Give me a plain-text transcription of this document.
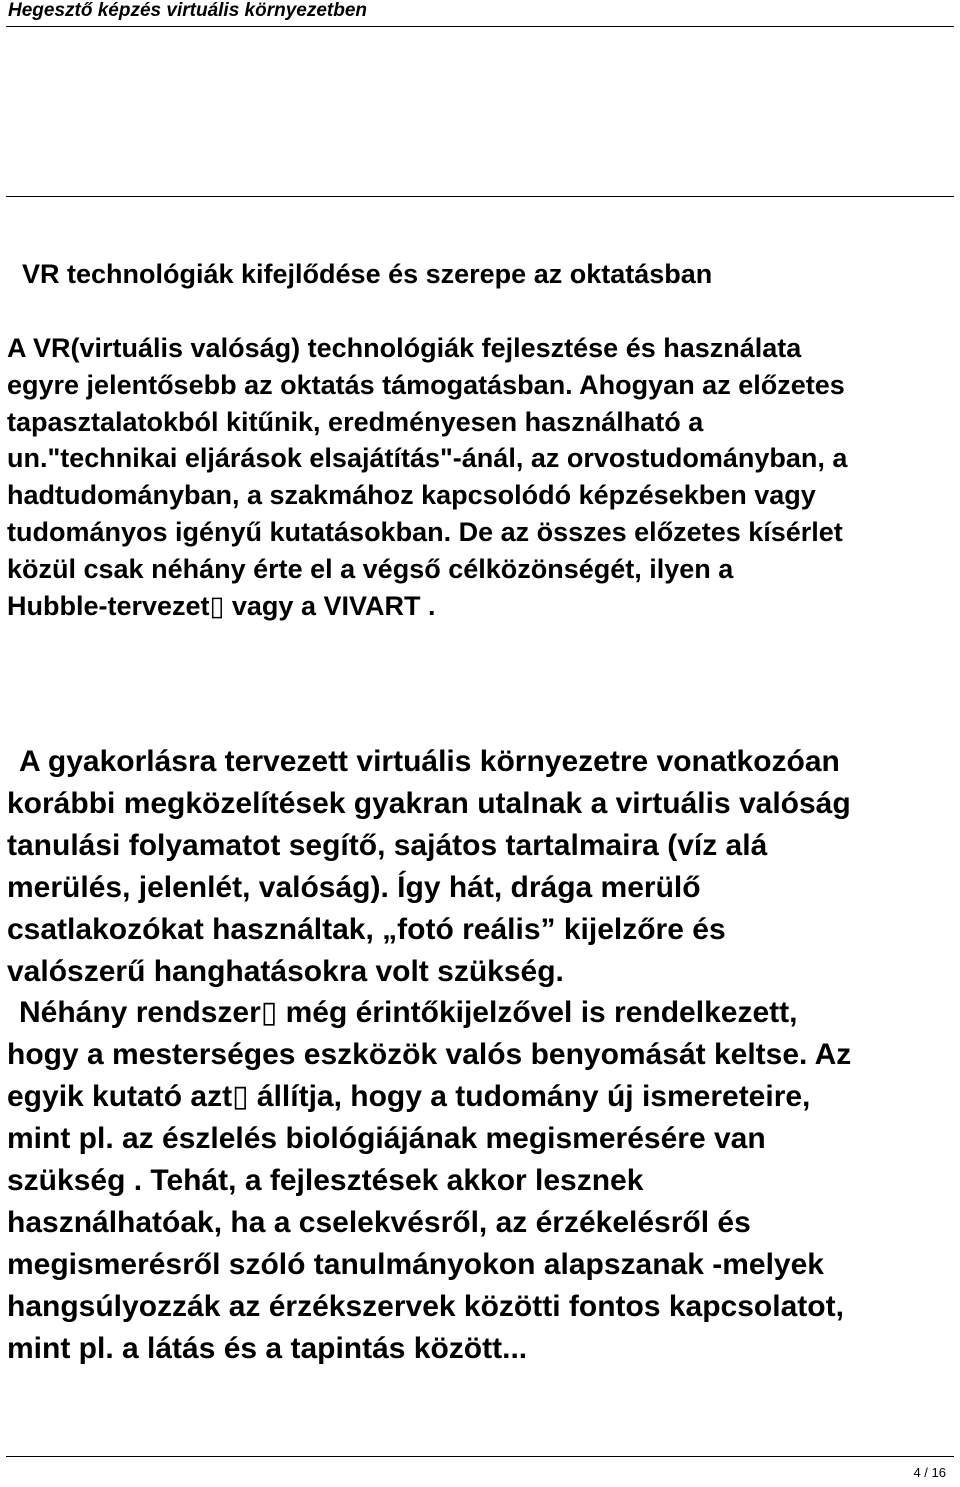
Hegesztő képzés virtuális környezetben
VR technológiák kifejlődése és szerepe az oktatásban
A VR(virtuális valóság) technológiák fejlesztése és használata
egyre jelentősebb az oktatás támogatásban. Ahogyan az előzetes
tapasztalatokból kitűnik, eredményesen használható a
un."technikai eljárások elsajátítás"-ánál, az orvostudományban, a
hadtudományban, a szakmához kapcsolódó képzésekben vagy
tudományos igényű kutatásokban. De az összes előzetes kísérlet
közül csak néhány érte el a végső célközönségét, ilyen a
Hubble-tervezet▯ vagy a VIVART .
A gyakorlásra tervezett virtuális környezetre vonatkozóan
korábbi megközelítések gyakran utalnak a virtuális valóság
tanulási folyamatot segítő, sajátos tartalmaira (víz alá
merülés, jelenlét, valóság). Így hát, drága merülő
csatlakozókat használtak, „fotó reális” kijelzőre és
valószerű hanghatásokra volt szükség.
Néhány rendszer▯ még érintőkijelzővel is rendelkezett,
hogy a mesterséges eszközök valós benyomását keltse. Az
egyik kutató azt▯ állítja, hogy a tudomány új ismereteire,
mint pl. az észlelés biológiájának megismerésére van
szükség . Tehát, a fejlesztések akkor lesznek
használhatóak, ha a cselekvésről, az érzékelésről és
megismerésről szóló tanulmányokon alapszanak -melyek
hangsúlyozzák az érzékszervek közötti fontos kapcsolatot,
mint pl. a látás és a tapintás között...
4 / 16
